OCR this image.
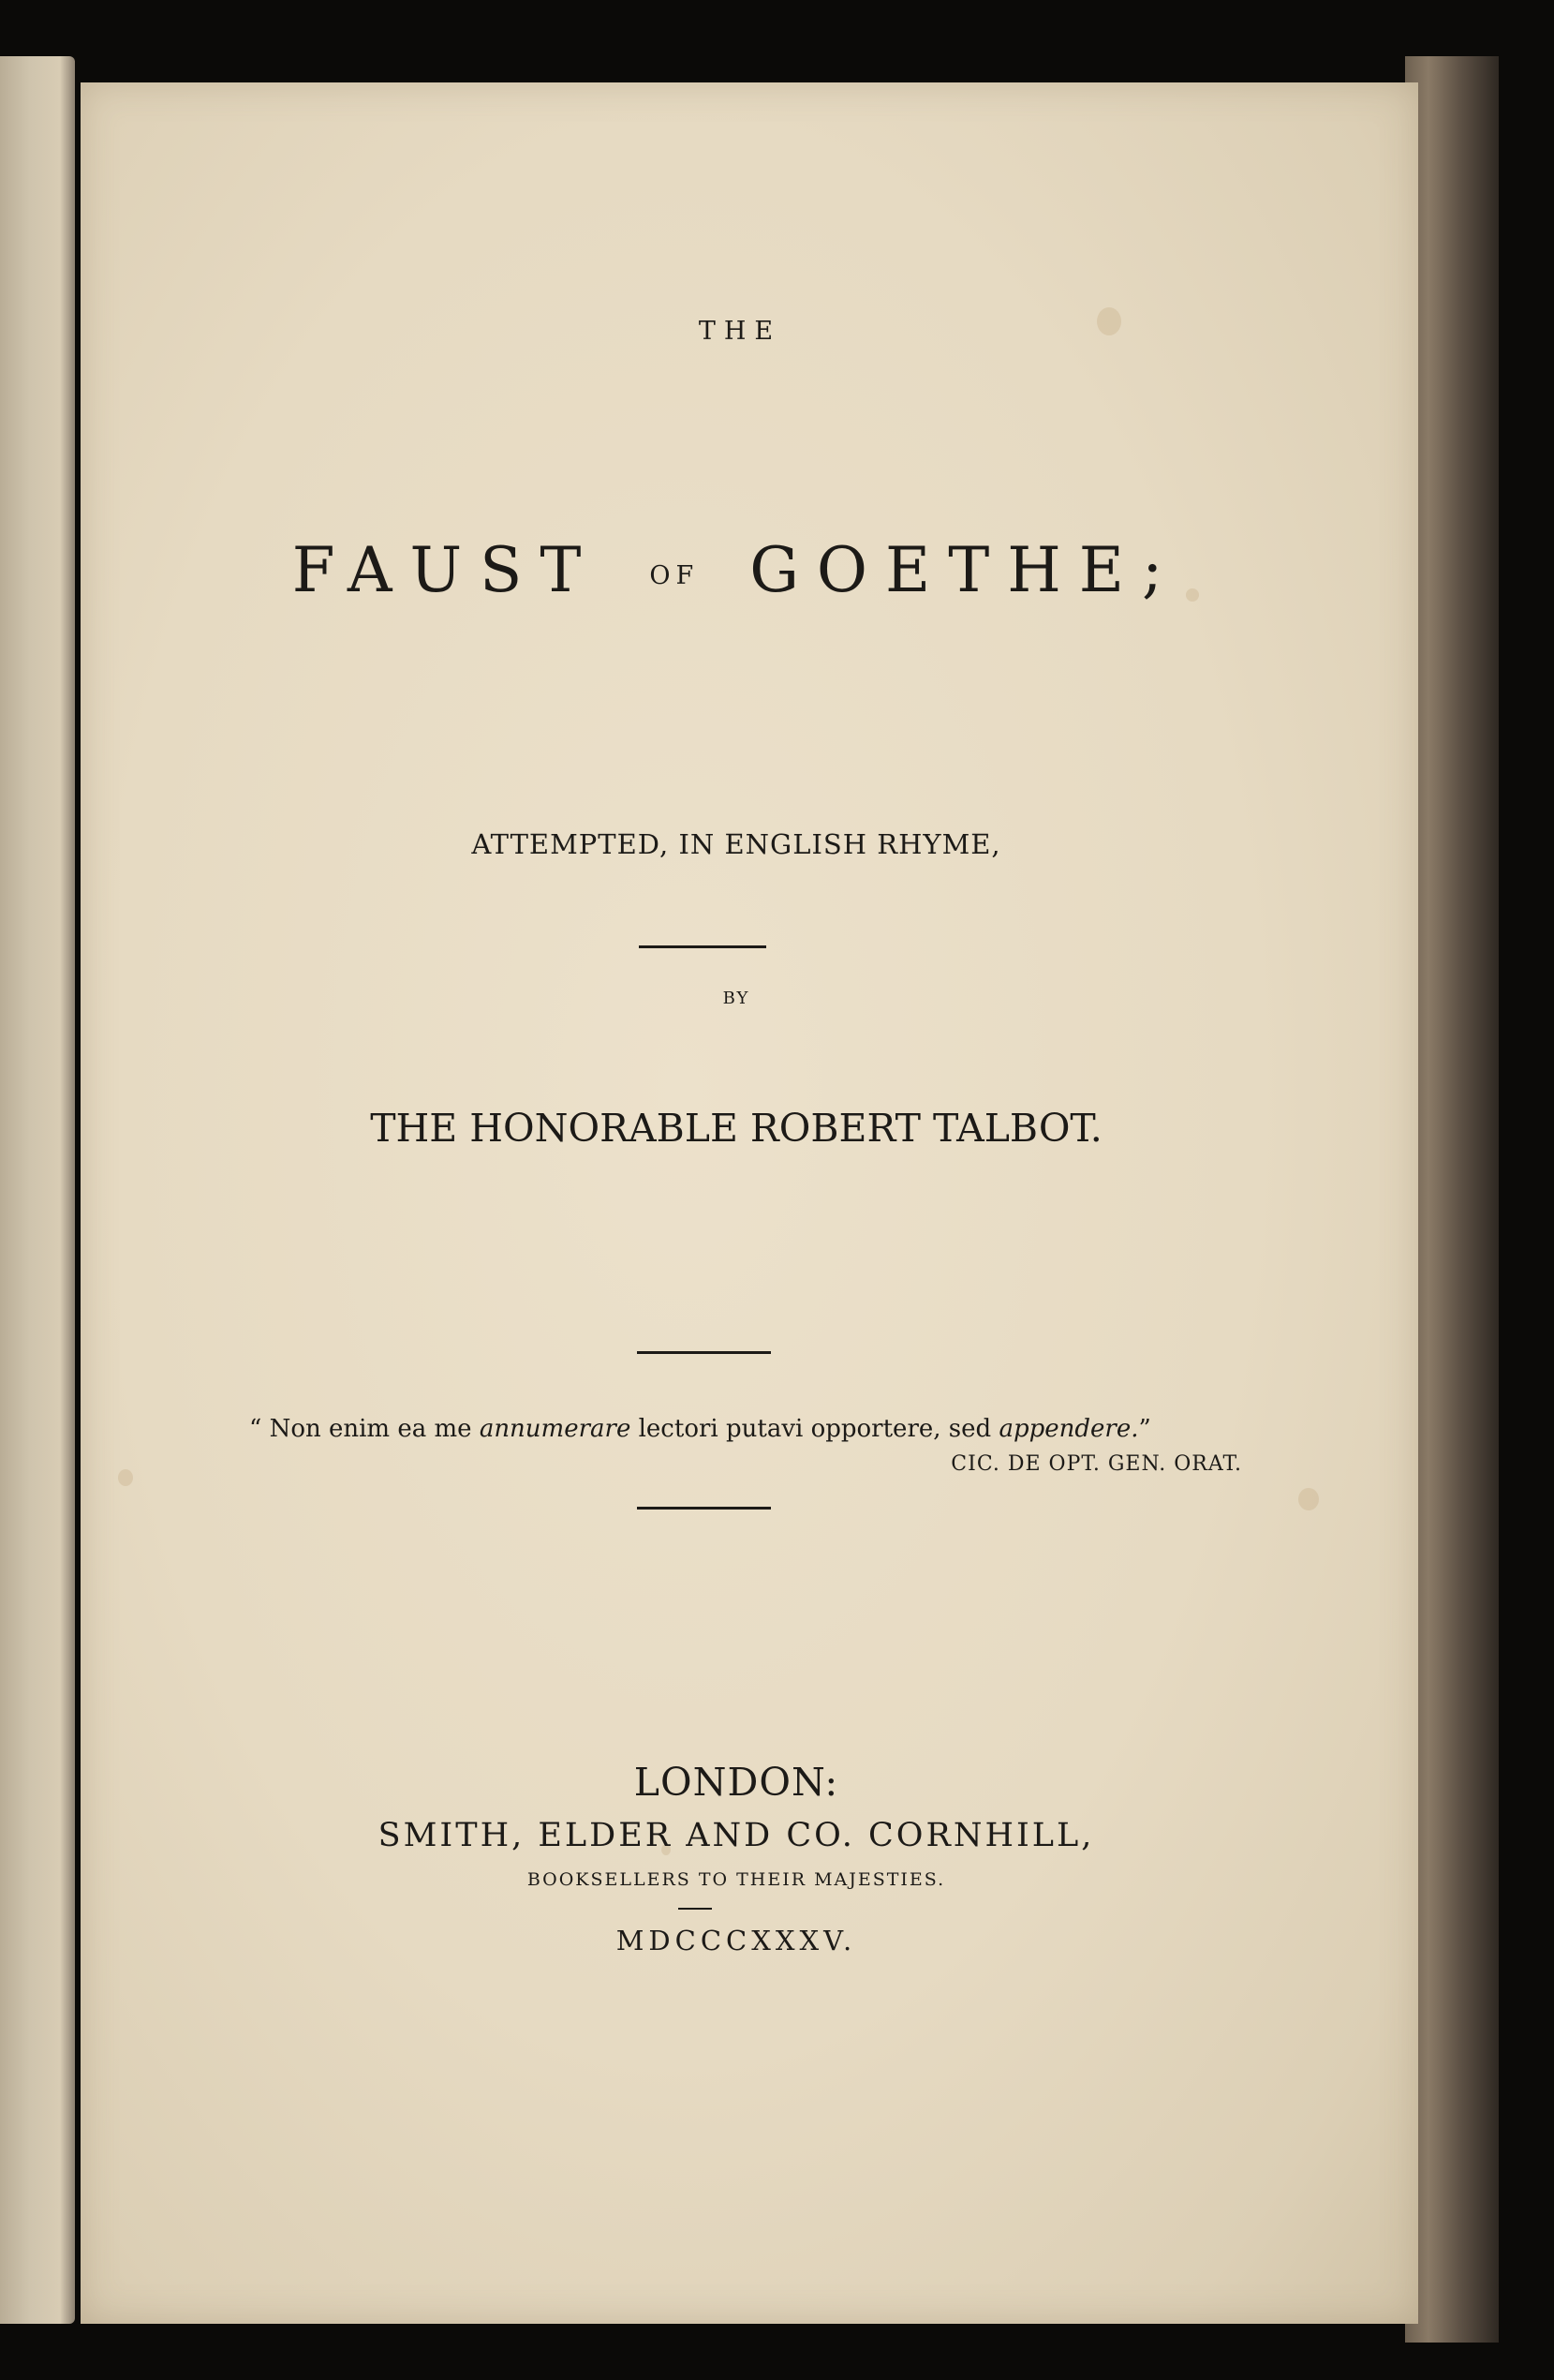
THE
FAUST OF GOETHE;
ATTEMPTED, IN ENGLISH RHYME,
BY
THE HONORABLE ROBERT TALBOT.
“ Non enim ea me annumerare lectori putavi opportere, sed appendere.”
CIC. DE OPT. GEN. ORAT.
LONDON:
SMITH, ELDER AND CO. CORNHILL,
BOOKSELLERS TO THEIR MAJESTIES.
MDCCCXXXV.
